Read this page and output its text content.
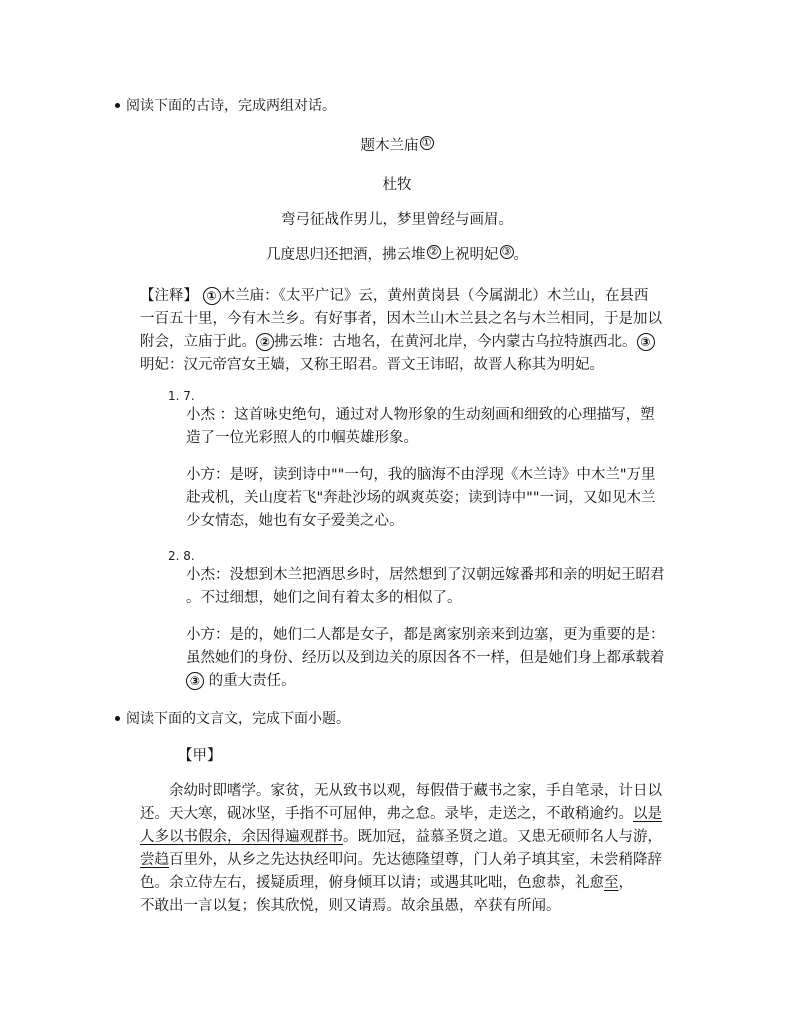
阅读下面的古诗，完成两组对话。
题木兰庙 ①
杜牧
弯弓征战作男儿，梦里曾经与画眉。
几度思归还把酒，拂云堆 ② 上祝明妃 ③ 。
【注释】 ① 木兰庙：《太平广记》云，黄州黄岗县（今属湖北）木兰山，在县西
一百五十里，今有木兰乡。有好事者，因木兰山木兰县之名与木兰相同，于是加以
附会，立庙于此。 ② 拂云堆：古地名，在黄河北岸，今内蒙古乌拉特旗西北。 ③
明妃：汉元帝宫女王嫱，又称王昭君。晋文王讳昭，故晋人称其为明妃。
1. 7.
小杰 ：这首咏史绝句，通过对人物形象的生动刻画和细致的心理描写，塑
造了一位光彩照人的巾帼英雄形象。
小方：是呀，读到诗中""一句，我的脑海不由浮现《木兰诗》中木兰"万里
赴戎机，关山度若飞"奔赴沙场的飒爽英姿；读到诗中""一词，又如见木兰
少女情态，她也有女子爱美之心。
2. 8.
小杰：没想到木兰把酒思乡时，居然想到了汉朝远嫁番邦和亲的明妃王昭君
。不过细想，她们之间有着太多的相似了。
小方：是的，她们二人都是女子，都是离家别亲来到边塞，更为重要的是：
虽然她们的身份、经历以及到边关的原因各不一样，但是她们身上都承载着
③ 的重大责任。
阅读下面的文言文，完成下面小题。
【甲】
余幼时即嗜学。家贫，无从致书以观，每假借于藏书之家，手自笔录，计日以
还。天大寒，砚冰坚，手指不可屈伸，弗之怠。录毕，走送之，不敢稍逾约。以是
人多以书假余，余因得遍观群书。既加冠，益慕圣贤之道。又患无硕师名人与游，
尝趋百里外，从乡之先达执经叩问。先达德隆望尊，门人弟子填其室，未尝稍降辞
色。余立侍左右，援疑质理，俯身倾耳以请；或遇其叱咄，色愈恭，礼愈至，
不敢出一言以复；俟其欣悦，则又请焉。故余虽愚，卒获有所闻。
